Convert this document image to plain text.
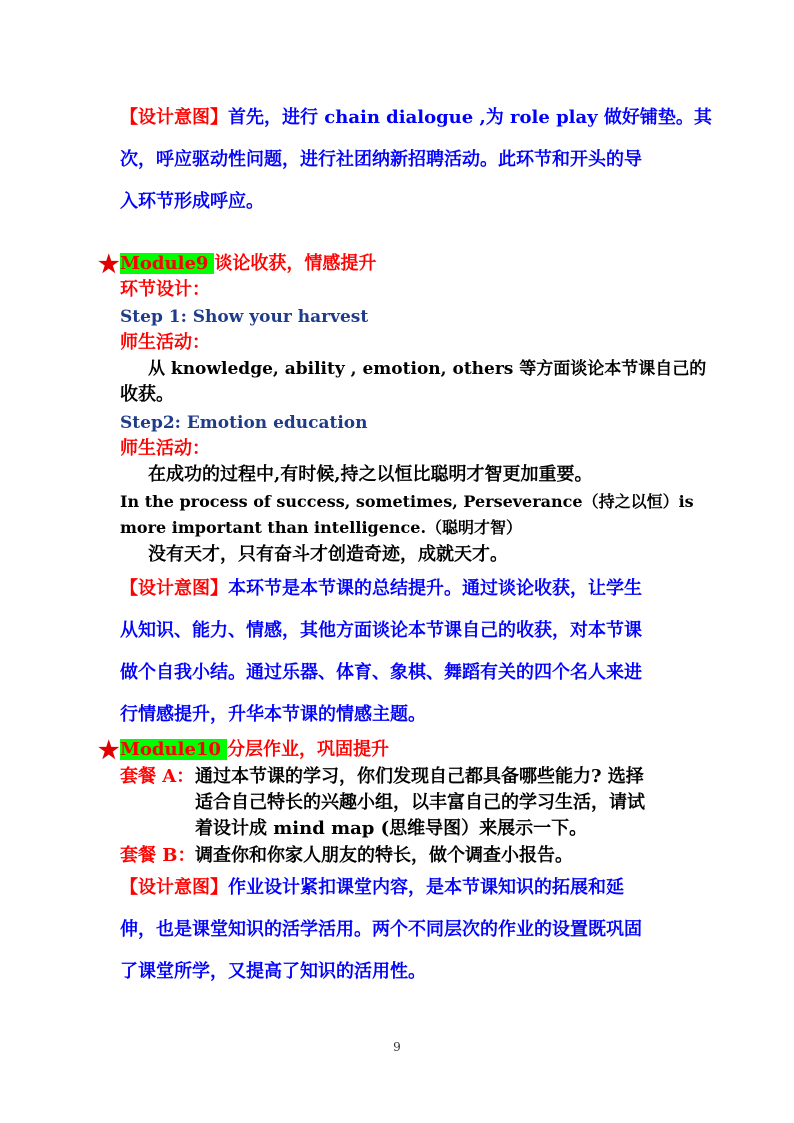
【设计意图】首先，进行 chain dialogue ,为 role play 做好铺垫。其
次，呼应驱动性问题，进行社团纳新招聘活动。此环节和开头的导
入环节形成呼应。
★ Module9 谈论收获，情感提升
环节设计：
Step 1: Show your harvest
师生活动：
从 knowledge, ability , emotion, others 等方面谈论本节课自己的
收获。
Step2: Emotion education
师生活动：
在成功的过程中,有时候,持之以恒比聪明才智更加重要。
In the process of success, sometimes, Perseverance（持之以恒）is
more important than intelligence.（聪明才智）
没有天才，只有奋斗才创造奇迹，成就天才。
【设计意图】本环节是本节课的总结提升。通过谈论收获，让学生
从知识、能力、情感，其他方面谈论本节课自己的收获，对本节课
做个自我小结。通过乐器、体育、象棋、舞蹈有关的四个名人来进
行情感提升，升华本节课的情感主题。
★ Module10 分层作业，巩固提升
套餐 A： 通过本节课的学习，你们发现自己都具备哪些能力? 选择
适合自己特长的兴趣小组，以丰富自己的学习生活，请试
着设计成 mind map (思维导图）来展示一下。
套餐 B： 调查你和你家人朋友的特长，做个调查小报告。
【设计意图】作业设计紧扣课堂内容，是本节课知识的拓展和延
伸，也是课堂知识的活学活用。两个不同层次的作业的设置既巩固
了课堂所学，又提高了知识的活用性。
9
